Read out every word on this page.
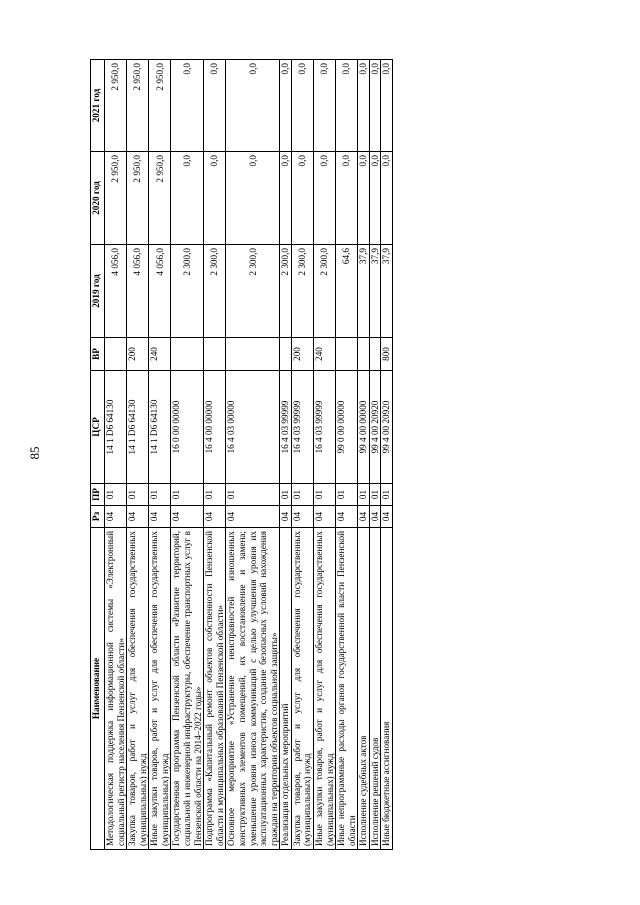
85
Наименование	Рз	ПР	ЦСР	ВР	2019 год	2020 год	2021 год
Методологическая поддержка информационной системы «Электронный социальный регистр населения Пензенской области»	04	01	14 1 D6 64130		4 056,0	2 950,0	2 950,0
Закупка товаров, работ и услуг для обеспечения государственных (муниципальных) нужд	04	01	14 1 D6 64130	200	4 056,0	2 950,0	2 950,0
Иные закупки товаров, работ и услуг для обеспечения государственных (муниципальных) нужд	04	01	14 1 D6 64130	240	4 056,0	2 950,0	2 950,0
Государственная программа Пензенской области «Развитие территорий, социальной и инженерной инфраструктуры, обеспечение транспортных услуг в Пензенской области на 2014–2022 годы»	04	01	16 0 00 00000		2 300,0	0,0	0,0
Подпрограмма «Капитальный ремонт объектов собственности Пензенской области и муниципальных образований Пензенской области»	04	01	16 4 00 00000		2 300,0	0,0	0,0
Основное мероприятие «Устранение неисправностей изношенных конструктивных элементов помещений, их восстановление и замена; уменьшение уровня износа коммуникаций с целью улучшения уровня их эксплуатационных характеристик, создание безопасных условий нахождения граждан на территории объектов социальной защиты»	04	01	16 4 03 00000		2 300,0	0,0	0,0
Реализация отдельных мероприятий	04	01	16 4 03 99999		2 300,0	0,0	0,0
Закупка товаров, работ и услуг для обеспечения государственных (муниципальных) нужд	04	01	16 4 03 99999	200	2 300,0	0,0	0,0
Иные закупки товаров, работ и услуг для обеспечения государственных (муниципальных) нужд	04	01	16 4 03 99999	240	2 300,0	0,0	0,0
Иные непрограммные расходы органов государственной власти Пензенской области	04	01	99 0 00 00000		64,6	0,0	0,0
Исполнение судебных актов	04	01	99 4 00 00000		37,9	0,0	0,0
Исполнение решений судов	04	01	99 4 00 20920		37,9	0,0	0,0
Иные бюджетные ассигнования	04	01	99 4 00 20920	800	37,9	0,0	0,0
